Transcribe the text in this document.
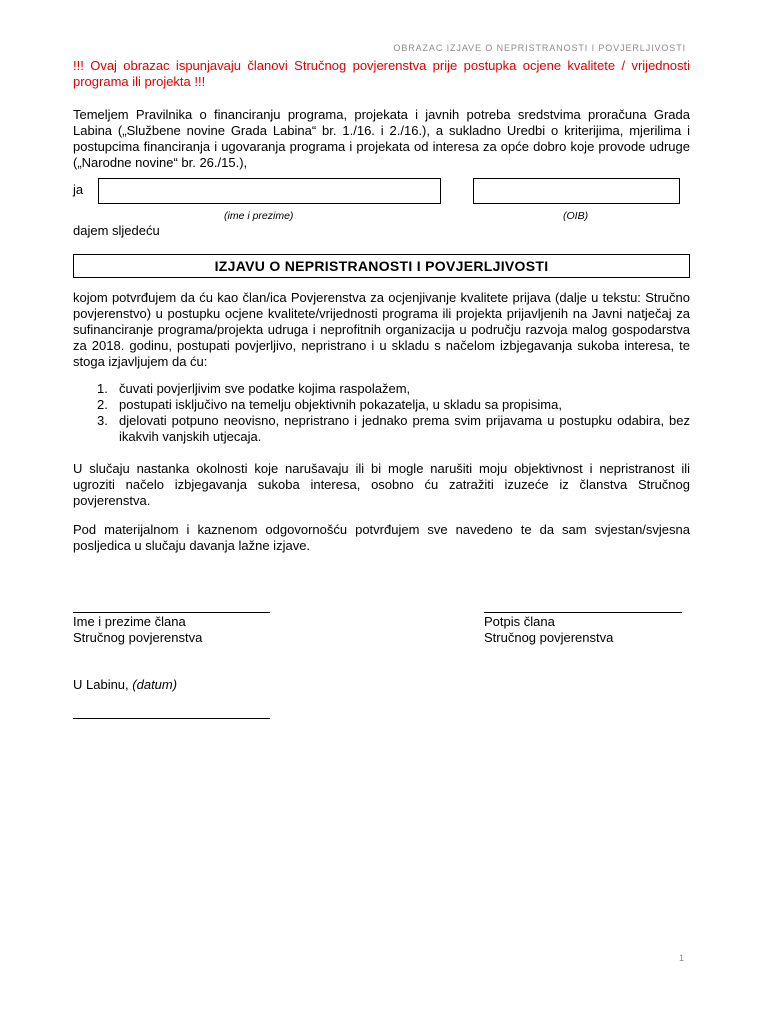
OBRAZAC IZJAVE O NEPRISTRANOSTI I POVJERLJIVOSTI
!!! Ovaj obrazac ispunjavaju članovi Stručnog povjerenstva prije postupka ocjene kvalitete / vrijednosti programa ili projekta !!!
Temeljem Pravilnika o financiranju programa, projekata i javnih potreba sredstvima proračuna Grada Labina („Službene novine Grada Labina“ br. 1./16. i 2./16.), a sukladno Uredbi o kriterijima, mjerilima i postupcima financiranja i ugovaranja programa i projekata od interesa za opće dobro koje provode udruge („Narodne novine“ br. 26./15.),
ja
(ime i prezime)	(OIB)
dajem sljedeću
IZJAVU O NEPRISTRANOSTI I POVJERLJIVOSTI
kojom potvrđujem da ću kao član/ica Povjerenstva za ocjenjivanje kvalitete prijava (dalje u tekstu: Stručno povjerenstvo) u postupku ocjene kvalitete/vrijednosti programa ili projekta prijavljenih na Javni natječaj za sufinanciranje programa/projekta udruga i neprofitnih organizacija u području razvoja malog gospodarstva za 2018. godinu, postupati povjerljivo, nepristrano i u skladu s načelom izbjegavanja sukoba interesa, te stoga izjavljujem da ću:
1. čuvati povjerljivim sve podatke kojima raspolažem,
2. postupati isključivo na temelju objektivnih pokazatelja, u skladu sa propisima,
3. djelovati potpuno neovisno, nepristrano i jednako prema svim prijavama u postupku odabira, bez ikakvih vanjskih utjecaja.
U slučaju nastanka okolnosti koje narušavaju ili bi mogle narušiti moju objektivnost i nepristranost ili ugroziti načelo izbjegavanja sukoba interesa, osobno ću zatražiti izuzeće iz članstva Stručnog povjerenstva.
Pod materijalnom i kaznenom odgovornošću potvrđujem sve navedeno te da sam svjestan/svjesna posljedica u slučaju davanja lažne izjave.
Ime i prezime člana
Stručnog povjerenstva
Potpis člana
Stručnog povjerenstva
U Labinu, (datum)
1
